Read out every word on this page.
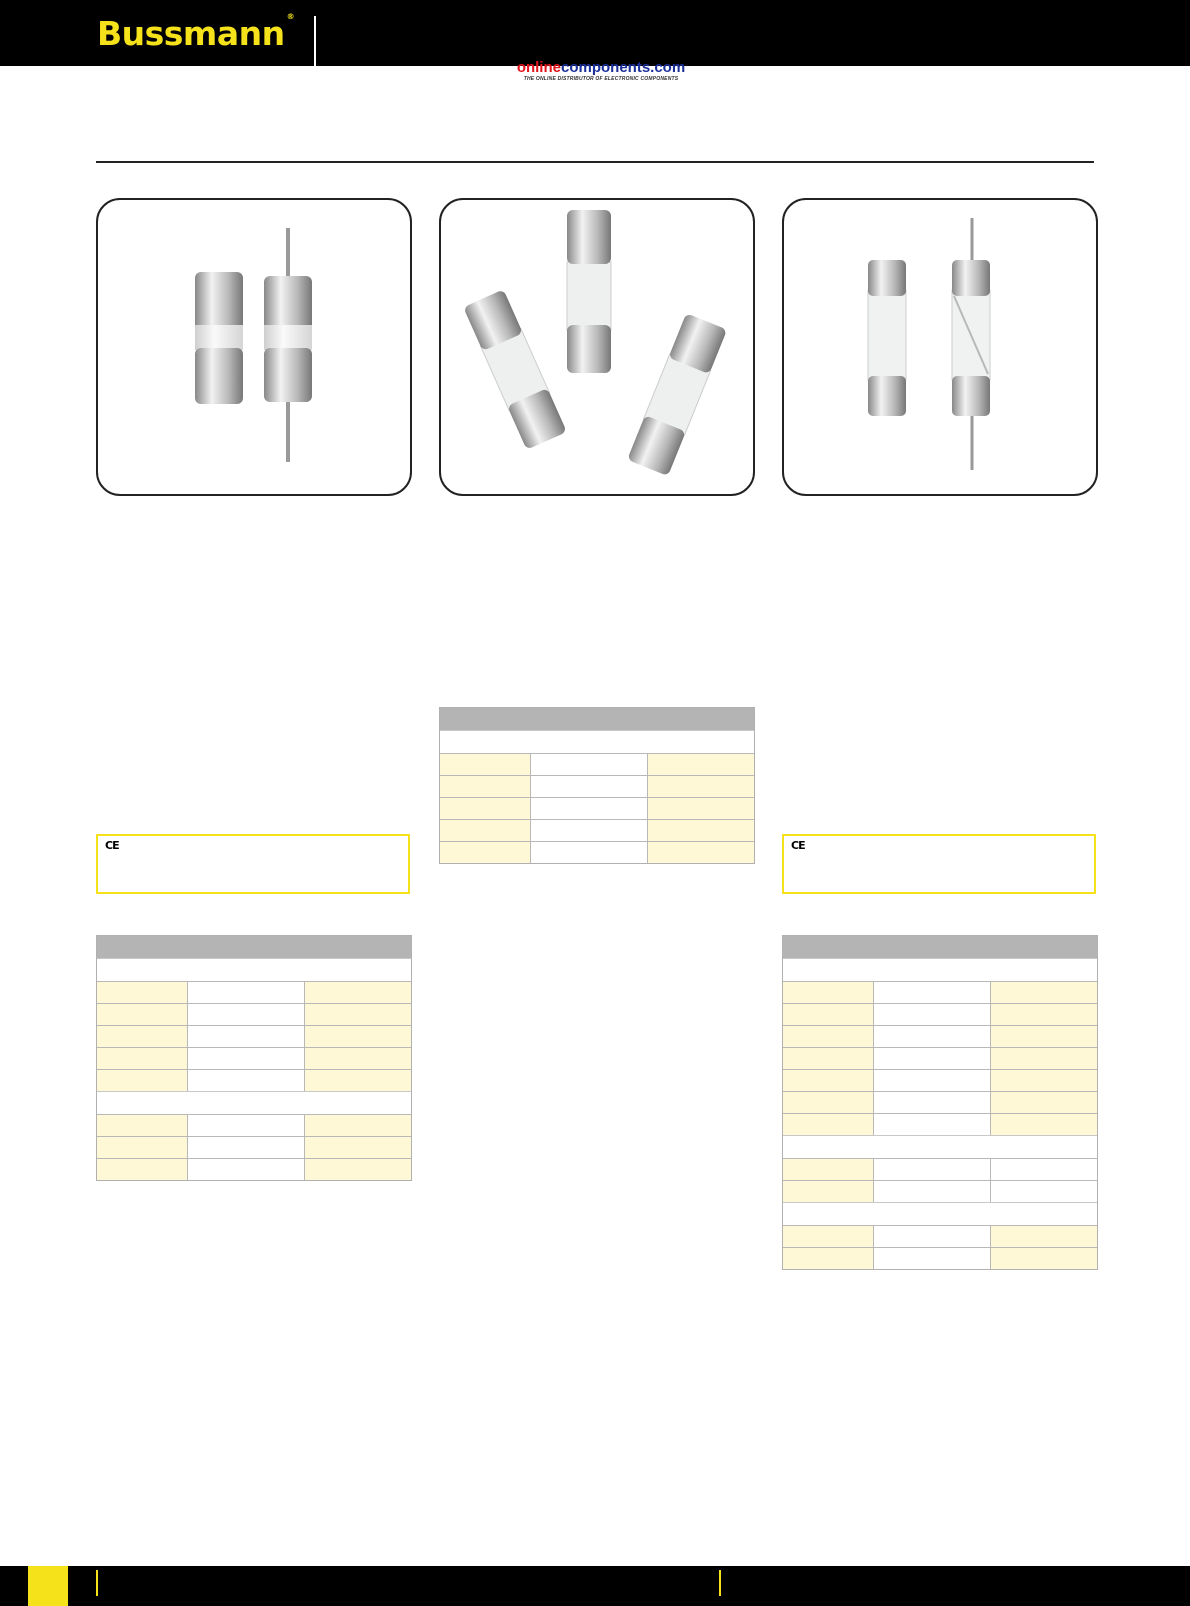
Bussmann ®
onlinecomponents.com
THE ONLINE DISTRIBUTOR OF ELECTRONIC COMPONENTS
CE	CE
